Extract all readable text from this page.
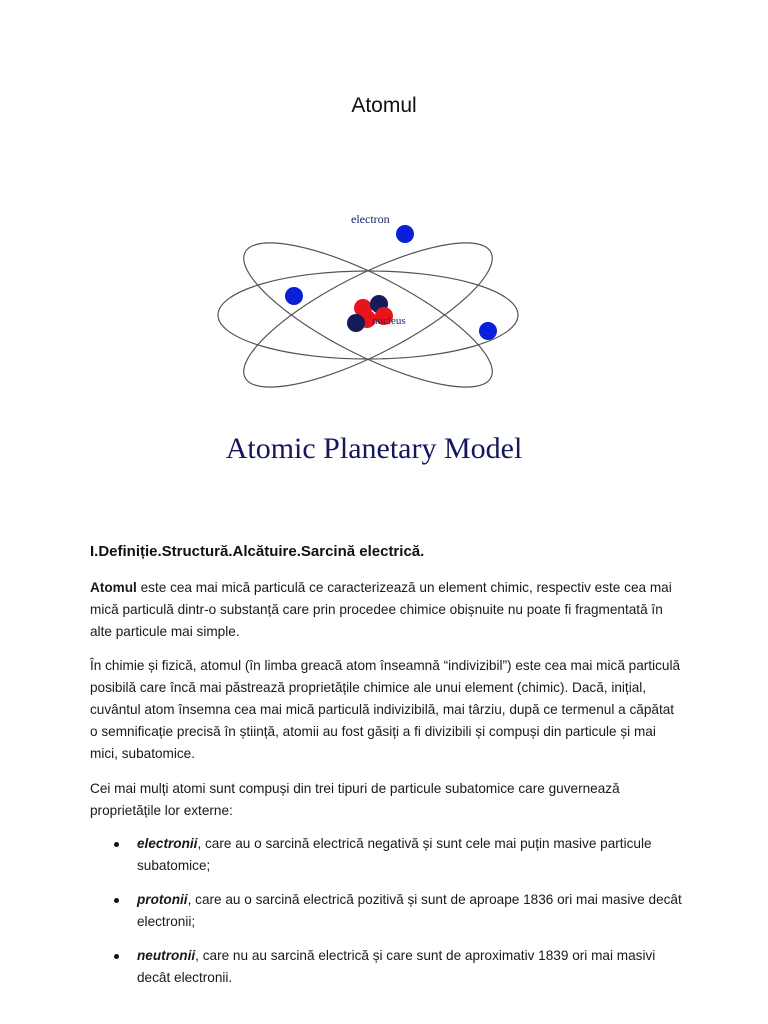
Atomul
electron
nucleus
Atomic Planetary Model
I.Definiție.Structură.Alcătuire.Sarcină electrică.
Atomul este cea mai mică particulă ce caracterizează un element chimic, respectiv este cea mai mică particulă dintr-o substanță care prin procedee chimice obișnuite nu poate fi fragmentată în alte particule mai simple.
În chimie și fizică, atomul (în limba greacă atom înseamnă “indivizibil”) este cea mai mică particulă posibilă care încă mai păstrează proprietățile chimice ale unui element (chimic). Dacă, inițial, cuvântul atom însemna cea mai mică particulă indivizibilă, mai târziu, după ce termenul a căpătat o semnificație precisă în știință, atomii au fost găsiți a fi divizibili și compuși din particule și mai mici, subatomice.
Cei mai mulți atomi sunt compuși din trei tipuri de particule subatomice care guvernează proprietățile lor externe:
electronii, care au o sarcină electrică negativă și sunt cele mai puțin masive particule subatomice;
protonii, care au o sarcină electrică pozitivă și sunt de aproape 1836 ori mai masive decât electronii;
neutronii, care nu au sarcină electrică și care sunt de aproximativ 1839 ori mai masivi decât electronii.
